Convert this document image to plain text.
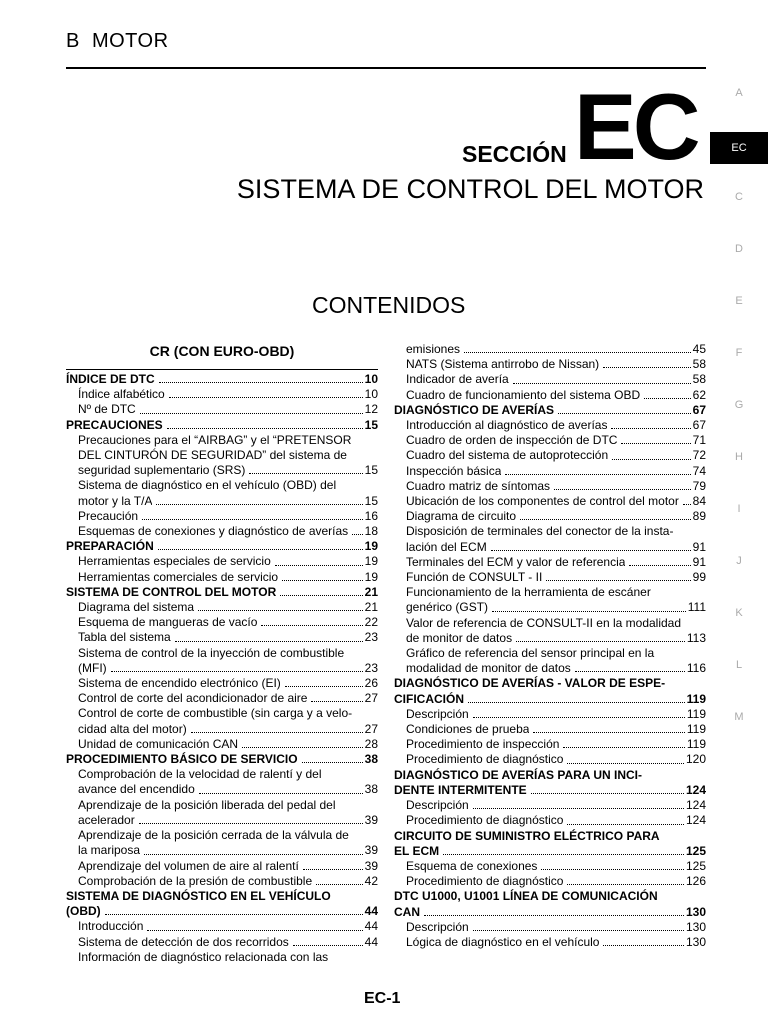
B MOTOR
SECCIÓN EC
SISTEMA DE CONTROL DEL MOTOR
CONTENIDOS
CR (CON EURO-OBD)
ÍNDICE DE DTC	10
Índice alfabético	10
Nº de DTC	12
PRECAUCIONES	15
Precauciones para el “AIRBAG” y el “PRETENSOR
DEL CINTURÓN DE SEGURIDAD” del sistema de
seguridad suplementario (SRS)	15
Sistema de diagnóstico en el vehículo (OBD) del
motor y la T/A	15
Precaución	16
Esquemas de conexiones y diagnóstico de averías 18
PREPARACIÓN	19
Herramientas especiales de servicio	19
Herramientas comerciales de servicio	19
SISTEMA DE CONTROL DEL MOTOR	21
Diagrama del sistema	21
Esquema de mangueras de vacío	22
Tabla del sistema	23
Sistema de control de la inyección de combustible
(MFI)	23
Sistema de encendido electrónico (EI)	26
Control de corte del acondicionador de aire	27
Control de corte de combustible (sin carga y a velo-
cidad alta del motor)	27
Unidad de comunicación CAN	28
PROCEDIMIENTO BÁSICO DE SERVICIO	38
Comprobación de la velocidad de ralentí y del
avance del encendido	38
Aprendizaje de la posición liberada del pedal del
acelerador	39
Aprendizaje de la posición cerrada de la válvula de
la mariposa	39
Aprendizaje del volumen de aire al ralentí	39
Comprobación de la presión de combustible	42
SISTEMA DE DIAGNÓSTICO EN EL VEHÍCULO
(OBD)	44
Introducción	44
Sistema de detección de dos recorridos	44
Información de diagnóstico relacionada con las
emisiones	45
NATS (Sistema antirrobo de Nissan)	58
Indicador de avería	58
Cuadro de funcionamiento del sistema OBD	62
DIAGNÓSTICO DE AVERÍAS	67
Introducción al diagnóstico de averías	67
Cuadro de orden de inspección de DTC	71
Cuadro del sistema de autoprotección	72
Inspección básica	74
Cuadro matriz de síntomas	79
Ubicación de los componentes de control del motor 84
Diagrama de circuito	89
Disposición de terminales del conector de la insta-
lación del ECM	91
Terminales del ECM y valor de referencia	91
Función de CONSULT - II	99
Funcionamiento de la herramienta de escáner
genérico (GST)	111
Valor de referencia de CONSULT-II en la modalidad
de monitor de datos	113
Gráfico de referencia del sensor principal en la
modalidad de monitor de datos	116
DIAGNÓSTICO DE AVERÍAS - VALOR DE ESPE-
CIFICACIÓN	119
Descripción	119
Condiciones de prueba	119
Procedimiento de inspección	119
Procedimiento de diagnóstico	120
DIAGNÓSTICO DE AVERÍAS PARA UN INCI-
DENTE INTERMITENTE	124
Descripción	124
Procedimiento de diagnóstico	124
CIRCUITO DE SUMINISTRO ELÉCTRICO PARA
EL ECM	125
Esquema de conexiones	125
Procedimiento de diagnóstico	126
DTC U1000, U1001 LÍNEA DE COMUNICACIÓN
CAN	130
Descripción	130
Lógica de diagnóstico en el vehículo	130
A
EC
C
D
E
F
G
H
I
J
K
L
M
EC-1
